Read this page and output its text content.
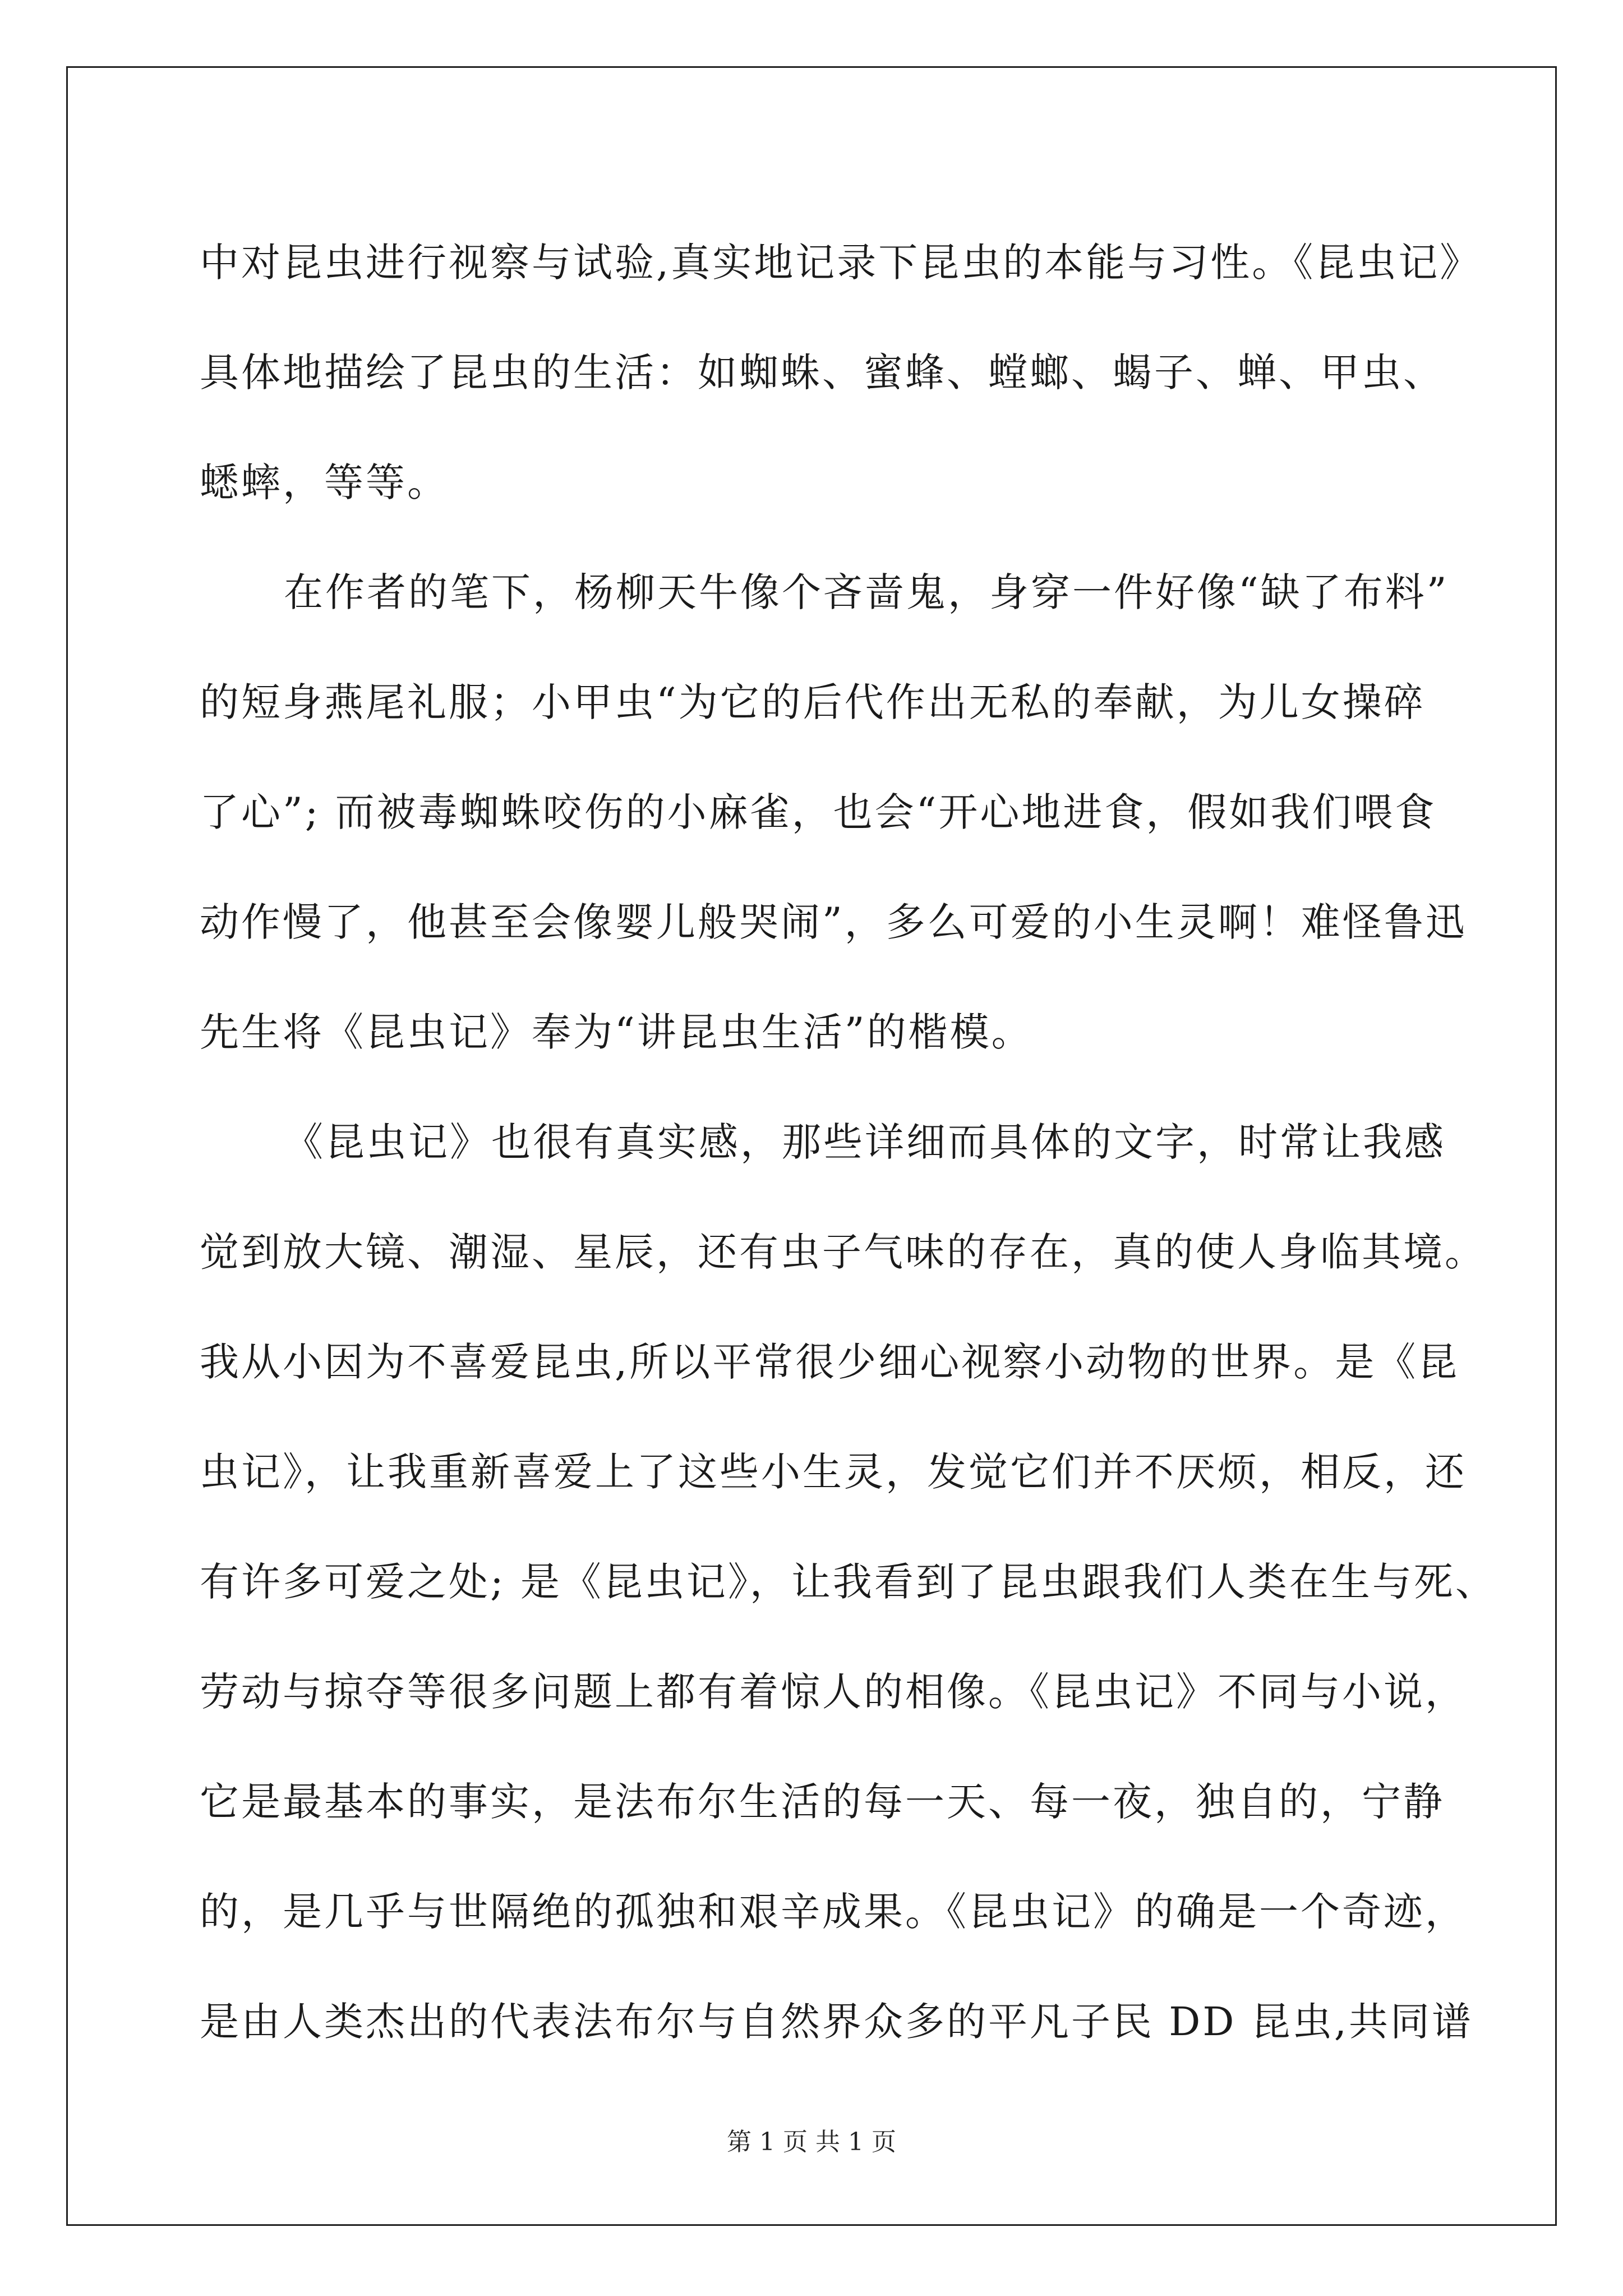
中对昆虫进行视察与试验,真实地记录下昆虫的本能与习性。《昆虫记》
具体地描绘了昆虫的生活：如蜘蛛、蜜蜂、螳螂、蝎子、蝉、甲虫、
蟋蟀，等等。
在作者的笔下，杨柳天牛像个吝啬鬼，身穿一件好像“缺了布料”
的短身燕尾礼服；小甲虫“为它的后代作出无私的奉献，为儿女操碎
了心”; 而被毒蜘蛛咬伤的小麻雀，也会“开心地进食，假如我们喂食
动作慢了，他甚至会像婴儿般哭闹”，多么可爱的小生灵啊！难怪鲁迅
先生将《昆虫记》奉为“讲昆虫生活”的楷模。
《昆虫记》也很有真实感，那些详细而具体的文字，时常让我感
觉到放大镜、潮湿、星辰，还有虫子气味的存在，真的使人身临其境。
我从小因为不喜爱昆虫,所以平常很少细心视察小动物的世界。是《昆
虫记》，让我重新喜爱上了这些小生灵，发觉它们并不厌烦，相反，还
有许多可爱之处; 是《昆虫记》，让我看到了昆虫跟我们人类在生与死、
劳动与掠夺等很多问题上都有着惊人的相像。《昆虫记》不同与小说，
它是最基本的事实，是法布尔生活的每一天、每一夜，独自的，宁静
的，是几乎与世隔绝的孤独和艰辛成果。《昆虫记》的确是一个奇迹，
是由人类杰出的代表法布尔与自然界众多的平凡子民 DD 昆虫,共同谱
第 1 页 共 1 页
